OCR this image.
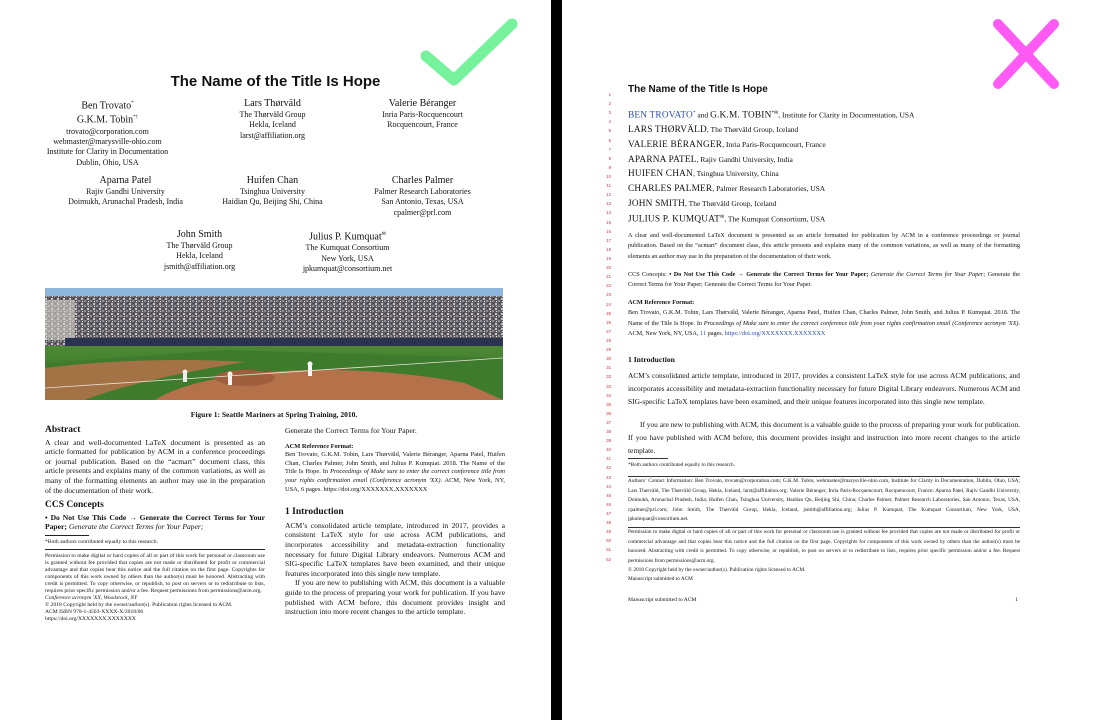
The Name of the Title Is Hope
Ben Trovato*
G.K.M. Tobin*†
trovato@corporation.com
webmaster@marysville-ohio.com
Institute for Clarity in Documentation
Dublin, Ohio, USA
Lars Thørväld
The Thørväld Group
Hekla, Iceland
larst@affiliation.org
Valerie Béranger
Inria Paris-Rocquencourt
Rocquencourt, France
Aparna Patel
Rajiv Gandhi University
Doimukh, Arunachal Pradesh, India
Huifen Chan
Tsinghua University
Haidian Qu, Beijing Shi, China
Charles Palmer
Palmer Research Laboratories
San Antonio, Texas, USA
cpalmer@prl.com
John Smith
The Thørväld Group
Hekla, Iceland
jsmith@affiliation.org
Julius P. Kumquat✉
The Kumquat Consortium
New York, USA
jpkumquat@consortium.net
Figure 1: Seattle Mariners at Spring Training, 2010.
Abstract

A clear and well-documented LaTeX document is presented as an article formatted for publication by ACM in a conference proceedings or journal publication. Based on the “acmart” document class, this article presents and explains many of the common variations, as well as many of the formatting elements an author may use in the preparation of the documentation of their work.

CCS Concepts

• Do Not Use This Code → Generate the Correct Terms for Your Paper; Generate the Correct Terms for Your Paper;

*Both authors contributed equally to this research.

Permission to make digital or hard copies of all or part of this work for personal or classroom use is granted without fee provided that copies are not made or distributed for profit or commercial advantage and that copies bear this notice and the full citation on the first page. Copyrights for components of this work owned by others than the author(s) must be honored. Abstracting with credit is permitted. To copy otherwise, or republish, to post on servers or to redistribute to lists, requires prior specific permission and/or a fee. Request permissions from permissions@acm.org.

Conference acronym 'XX, Woodstock, NY

© 2018 Copyright held by the owner/author(s). Publication rights licensed to ACM.

ACM ISBN 978-1-4503-XXXX-X/2018/06

https://doi.org/XXXXXXX.XXXXXXX

Generate the Correct Terms for Your Paper.

ACM Reference Format:

Ben Trovato, G.K.M. Tobin, Lars Thørväld, Valerie Béranger, Aparna Patel, Huifen Chan, Charles Palmer, John Smith, and Julius P. Kumquat. 2018. The Name of the Title Is Hope. In Proceedings of Make sure to enter the correct conference title from your rights confirmation email (Conference acronym 'XX). ACM, New York, NY, USA, 6 pages. https://doi.org/XXXXXXX.XXXXXXX

1 Introduction

ACM’s consolidated article template, introduced in 2017, provides a consistent LaTeX style for use across ACM publications, and incorporates accessibility and metadata-extraction functionality necessary for future Digital Library endeavors. Numerous ACM and SIG-specific LaTeX templates have been examined, and their unique features incorporated into this single new template.

If you are new to publishing with ACM, this document is a valuable guide to the process of preparing your work for publication. If you have published with ACM before, this document provides insight and instruction into more recent changes to the article template.

1
2
3
4
5
6
7
8
9
10
11
12
13
14
15
16
17
18
19
20
21
22
23
24
25
26
27
28
29
30
31
32
33
34
35
36
37
38
39
40
41
42
43
44
45
46
47
48
49
50
51
52
The Name of the Title Is Hope
BEN TROVATO* and G.K.M. TOBIN*✉, Institute for Clarity in Documentation, USA
LARS THØRVÄLD, The Thørväld Group, Iceland
VALERIE BÉRANGER, Inria Paris-Rocquencourt, France
APARNA PATEL, Rajiv Gandhi University, India
HUIFEN CHAN, Tsinghua University, China
CHARLES PALMER, Palmer Research Laboratories, USA
JOHN SMITH, The Thørväld Group, Iceland
JULIUS P. KUMQUAT✉, The Kumquat Consortium, USA
A clear and well-documented LaTeX document is presented as an article formatted for publication by ACM in a conference proceedings or journal publication. Based on the “acmart” document class, this article presents and explains many of the common variations, as well as many of the formatting elements an author may use in the preparation of the documentation of their work.
CCS Concepts: • Do Not Use This Code → Generate the Correct Terms for Your Paper; Generate the Correct Terms for Your Paper; Generate the Correct Terms for Your Paper; Generate the Correct Terms for Your Paper.
ACM Reference Format:
Ben Trovato, G.K.M. Tobin, Lars Thørväld, Valerie Béranger, Aparna Patel, Huifen Chan, Charles Palmer, John Smith, and Julius P. Kumquat. 2018. The Name of the Title Is Hope. In Proceedings of Make sure to enter the correct conference title from your rights confirmation email (Conference acronym 'XX). ACM, New York, NY, USA, 11 pages. https://doi.org/XXXXXXX.XXXXXXX
1 Introduction
ACM’s consolidated article template, introduced in 2017, provides a consistent LaTeX style for use across ACM publications, and incorporates accessibility and metadata-extraction functionality necessary for future Digital Library endeavors. Numerous ACM and SIG-specific LaTeX templates have been examined, and their unique features incorporated into this single new template.
If you are new to publishing with ACM, this document is a valuable guide to the process of preparing your work for publication. If you have published with ACM before, this document provides insight and instruction into more recent changes to the article template.
*Both authors contributed equally to this research.
Authors’ Contact Information: Ben Trovato, trovato@corporation.com; G.K.M. Tobin, webmaster@marysville-ohio.com, Institute for Clarity in Documentation, Dublin, Ohio, USA; Lars Thørväld, The Thørväld Group, Hekla, Iceland, larst@affiliation.org; Valerie Béranger, Inria Paris-Rocquencourt, Rocquencourt, France; Aparna Patel, Rajiv Gandhi University, Doimukh, Arunachal Pradesh, India; Huifen Chan, Tsinghua University, Haidian Qu, Beijing Shi, China; Charles Palmer, Palmer Research Laboratories, San Antonio, Texas, USA, cpalmer@prl.com; John Smith, The Thørväld Group, Hekla, Iceland, jsmith@affiliation.org; Julius P. Kumquat, The Kumquat Consortium, New York, USA, jpkumquat@consortium.net.
Permission to make digital or hard copies of all or part of this work for personal or classroom use is granted without fee provided that copies are not made or distributed for profit or commercial advantage and that copies bear this notice and the full citation on the first page. Copyrights for components of this work owned by others than the author(s) must be honored. Abstracting with credit is permitted. To copy otherwise, or republish, to post on servers or to redistribute to lists, requires prior specific permission and/or a fee. Request permissions from permissions@acm.org.
© 2018 Copyright held by the owner/author(s). Publication rights licensed to ACM.
Manuscript submitted to ACM
Manuscript submitted to ACM	1
